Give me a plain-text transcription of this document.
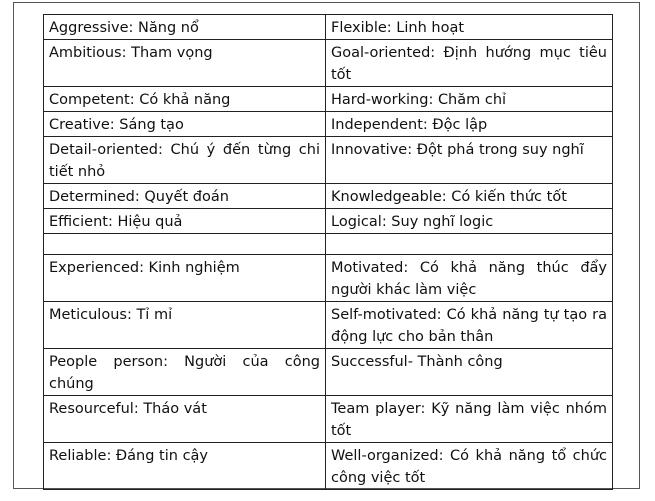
Aggressive: Năng nổ	Flexible: Linh hoạt
Ambitious: Tham vọng	Goal-oriented: Định hướng mục tiêu tốt
Competent: Có khả năng	Hard-working: Chăm chỉ
Creative: Sáng tạo	Independent: Độc lập
Detail-oriented: Chú ý đến từng chi tiết nhỏ	Innovative: Đột phá trong suy nghĩ
Determined: Quyết đoán	Knowledgeable: Có kiến thức tốt
Efficient: Hiệu quả	Logical: Suy nghĩ logic

Experienced: Kinh nghiệm	Motivated: Có khả năng thúc đẩy người khác làm việc
Meticulous: Tỉ mỉ	Self-motivated: Có khả năng tự tạo ra động lực cho bản thân
People person: Người của công chúng	Successful- Thành công
Resourceful: Tháo vát	Team player: Kỹ năng làm việc nhóm tốt
Reliable: Đáng tin cậy	Well-organized: Có khả năng tổ chức công việc tốt
